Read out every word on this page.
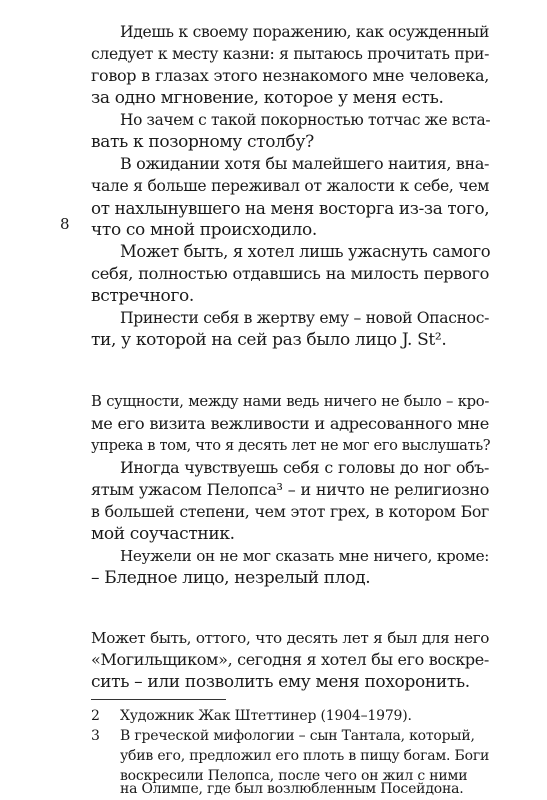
Идешь к своему поражению, как осужденный
следует к месту казни: я пытаюсь прочитать при-
говор в глазах этого незнакомого мне человека,
за одно мгновение, которое у меня есть.
Но зачем с такой покорностью тотчас же вста-
вать к позорному столбу?
В ожидании хотя бы малейшего наития, вна-
чале я больше переживал от жалости к себе, чем
от нахлынувшего на меня восторга из-за того,
что со мной происходило.
8
Может быть, я хотел лишь ужаснуть самого
себя, полностью отдавшись на милость первого
встречного.
Принести себя в жертву ему – новой Опаснос-
ти, у которой на сей раз было лицо J. St².
В сущности, между нами ведь ничего не было – кро-
ме его визита вежливости и адресованного мне
упрека в том, что я десять лет не мог его выслушать?
Иногда чувствуешь себя с головы до ног объ-
ятым ужасом Пелопса³ – и ничто не религиозно
в большей степени, чем этот грех, в котором Бог
мой соучастник.
Неужели он не мог сказать мне ничего, кроме:
– Бледное лицо, незрелый плод.
Может быть, оттого, что десять лет я был для него
«Могильщиком», сегодня я хотел бы его воскре-
сить – или позволить ему меня похоронить.
2	Художник Жак Штеттинер (1904–1979).
3	В греческой мифологии – сын Тантала, который,
убив его, предложил его плоть в пищу богам. Боги
воскресили Пелопса, после чего он жил с ними
на Олимпе, где был возлюбленным Посейдона.
